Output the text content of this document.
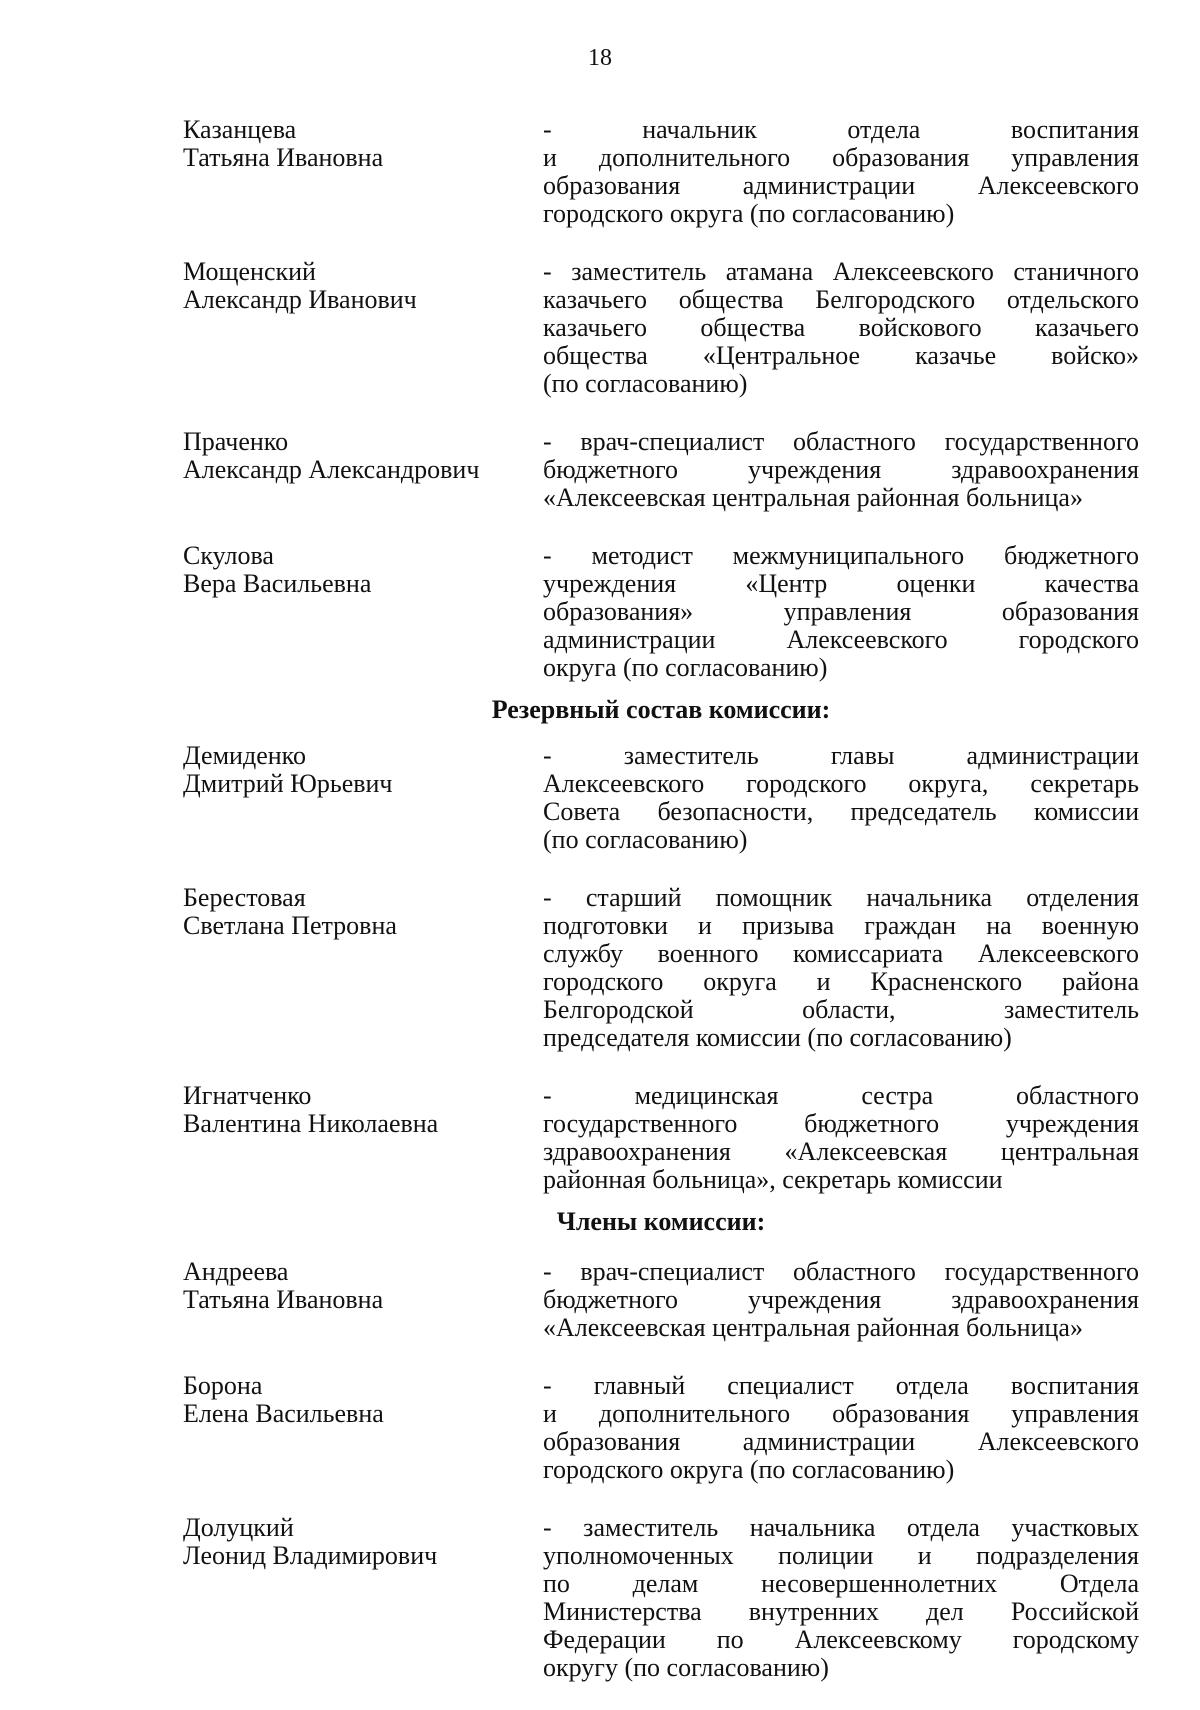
18
Казанцева
Татьяна Ивановна
- начальник отдела воспитания
и дополнительного образования управления
образования администрации Алексеевского
городского округа (по согласованию)
Мощенский
Александр Иванович
- заместитель атамана Алексеевского станичного
казачьего общества Белгородского отдельского
казачьего общества войскового казачьего
общества «Центральное казачье войско»
(по согласованию)
Праченко
Александр Александрович
- врач-специалист областного государственного
бюджетного учреждения здравоохранения
«Алексеевская центральная районная больница»
Скулова
Вера Васильевна
- методист межмуниципального бюджетного
учреждения «Центр оценки качества
образования» управления образования
администрации Алексеевского городского
округа (по согласованию)
Резервный состав комиссии:
Демиденко
Дмитрий Юрьевич
- заместитель главы администрации
Алексеевского городского округа, секретарь
Совета безопасности, председатель комиссии
(по согласованию)
Берестовая
Светлана Петровна
- старший помощник начальника отделения
подготовки и призыва граждан на военную
службу военного комиссариата Алексеевского
городского округа и Красненского района
Белгородской области, заместитель
председателя комиссии (по согласованию)
Игнатченко
Валентина Николаевна
- медицинская сестра областного
государственного бюджетного учреждения
здравоохранения «Алексеевская центральная
районная больница», секретарь комиссии
Члены комиссии:
Андреева
Татьяна Ивановна
- врач-специалист областного государственного
бюджетного учреждения здравоохранения
«Алексеевская центральная районная больница»
Борона
Елена Васильевна
- главный специалист отдела воспитания
и дополнительного образования управления
образования администрации Алексеевского
городского округа (по согласованию)
Долуцкий
Леонид Владимирович
- заместитель начальника отдела участковых
уполномоченных полиции и подразделения
по делам несовершеннолетних Отдела
Министерства внутренних дел Российской
Федерации по Алексеевскому городскому
округу (по согласованию)
